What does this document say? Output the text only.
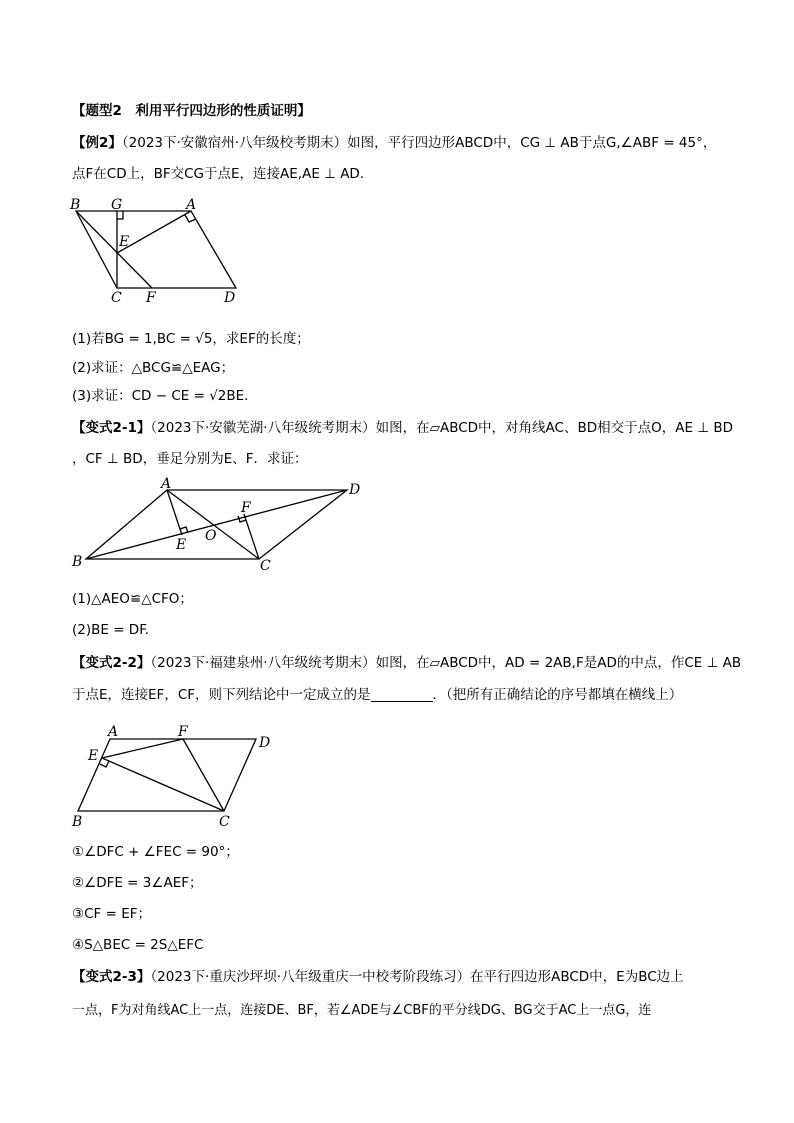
【题型2　利用平行四边形的性质证明】
【例2】（2023下·安徽宿州·八年级校考期末）如图，平行四边形ABCD中，CG ⊥ AB于点G,∠ABF = 45°，
点F在CD上，BF交CG于点E，连接AE,AE ⊥ AD.
B G	A
E
C F	D
(1)若BG = 1,BC = √5，求EF的长度；
(2)求证：△BCG≌△EAG；
(3)求证：CD − CE = √2BE.
【变式2-1】（2023下·安徽芜湖·八年级统考期末）如图，在▱ABCD中，对角线AC、BD相交于点O，AE ⊥ BD
，CF ⊥ BD，垂足分别为E、F．求证：
A	D
F
E
O
B	C
(1)△AEO≌△CFO；
(2)BE = DF.
【变式2-2】（2023下·福建泉州·八年级统考期末）如图，在▱ABCD中，AD = 2AB,F是AD的中点，作CE ⊥ AB
于点E，连接EF，CF，则下列结论中一定成立的是	．（把所有正确结论的序号都填在横线上）
A	F
D
E
B	C
①∠DFC + ∠FEC = 90°；
②∠DFE = 3∠AEF；
③CF = EF；
④S△BEC = 2S△EFC
【变式2-3】（2023下·重庆沙坪坝·八年级重庆一中校考阶段练习）在平行四边形ABCD中，E为BC边上
一点，F为对角线AC上一点，连接DE、BF，若∠ADE与∠CBF的平分线DG、BG交于AC上一点G，连
